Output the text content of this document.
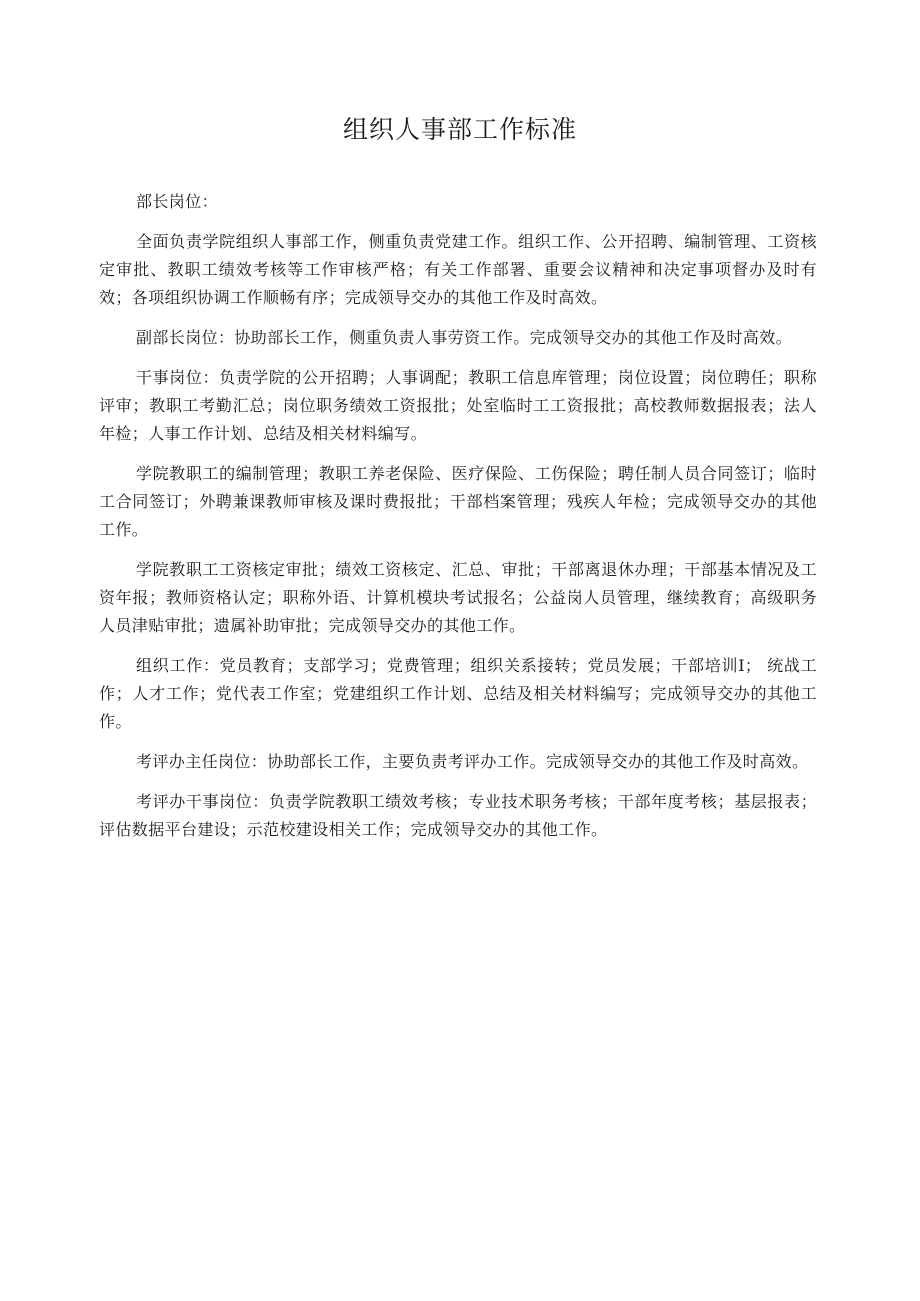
组织人事部工作标准

部长岗位：

全面负责学院组织人事部工作，侧重负责党建工作。组织工作、公开招聘、编制管理、工资核定审批、教职工绩效考核等工作审核严格；有关工作部署、重要会议精神和决定事项督办及时有效；各项组织协调工作顺畅有序；完成领导交办的其他工作及时高效。

副部长岗位：协助部长工作，侧重负责人事劳资工作。完成领导交办的其他工作及时高效。

干事岗位：负责学院的公开招聘；人事调配；教职工信息库管理；岗位设置；岗位聘任；职称评审；教职工考勤汇总；岗位职务绩效工资报批；处室临时工工资报批；高校教师数据报表；法人年检；人事工作计划、总结及相关材料编写。

学院教职工的编制管理；教职工养老保险、医疗保险、工伤保险；聘任制人员合同签订；临时工合同签订；外聘兼课教师审核及课时费报批；干部档案管理；残疾人年检；完成领导交办的其他工作。

学院教职工工资核定审批；绩效工资核定、汇总、审批；干部离退休办理；干部基本情况及工资年报；教师资格认定；职称外语、计算机模块考试报名；公益岗人员管理，继续教育；高级职务人员津贴审批；遗属补助审批；完成领导交办的其他工作。

组织工作：党员教育；支部学习；党费管理；组织关系接转；党员发展；干部培训I； 统战工作；人才工作；党代表工作室；党建组织工作计划、总结及相关材料编写；完成领导交办的其他工作。

考评办主任岗位：协助部长工作，主要负责考评办工作。完成领导交办的其他工作及时高效。

考评办干事岗位：负责学院教职工绩效考核；专业技术职务考核；干部年度考核；基层报表；评估数据平台建设；示范校建设相关工作；完成领导交办的其他工作。
